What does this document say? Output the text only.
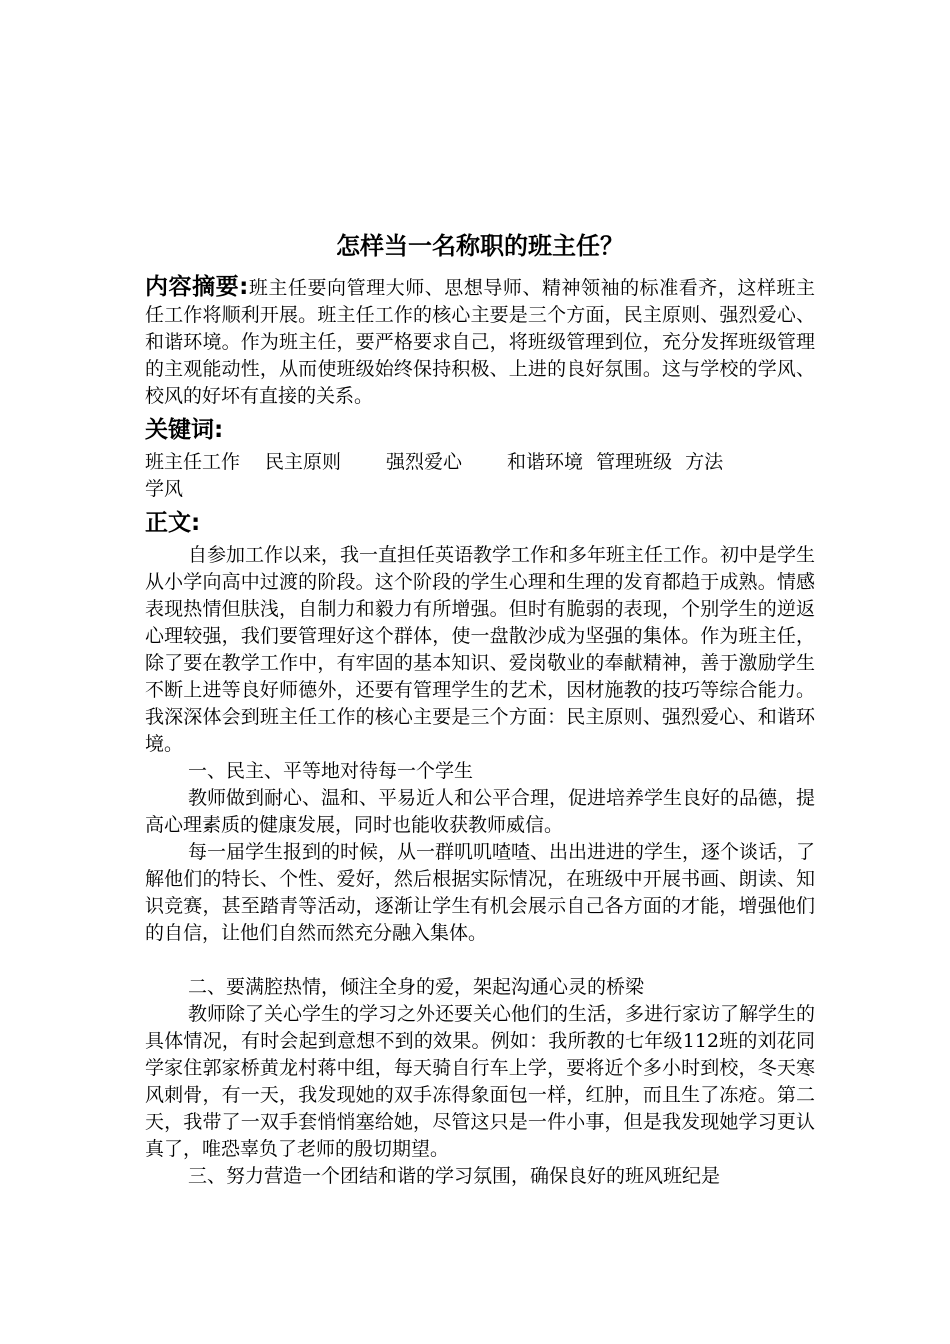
怎样当一名称职的班主任？

内容摘要:班主任要向管理大师、思想导师、精神领袖的标准看齐，这样班主任工作将顺利开展。班主任工作的核心主要是三个方面，民主原则、强烈爱心、和谐环境。作为班主任，要严格要求自己，将班级管理到位，充分发挥班级管理的主观能动性，从而使班级始终保持积极、上进的良好氛围。这与学校的学风、校风的好坏有直接的关系。

关键词:
班主任工作 民主原则 强烈爱心 和谐环境 管理班级 方法
学风
正文:

自参加工作以来，我一直担任英语教学工作和多年班主任工作。初中是学生从小学向高中过渡的阶段。这个阶段的学生心理和生理的发育都趋于成熟。情感表现热情但肤浅，自制力和毅力有所增强。但时有脆弱的表现，个别学生的逆返心理较强，我们要管理好这个群体，使一盘散沙成为坚强的集体。作为班主任，除了要在教学工作中，有牢固的基本知识、爱岗敬业的奉献精神，善于激励学生不断上进等良好师德外，还要有管理学生的艺术，因材施教的技巧等综合能力。我深深体会到班主任工作的核心主要是三个方面：民主原则、强烈爱心、和谐环境。

一、民主、平等地对待每一个学生

教师做到耐心、温和、平易近人和公平合理，促进培养学生良好的品德，提高心理素质的健康发展，同时也能收获教师威信。

每一届学生报到的时候，从一群叽叽喳喳、出出进进的学生，逐个谈话，了解他们的特长、个性、爱好，然后根据实际情况，在班级中开展书画、朗读、知识竞赛，甚至踏青等活动，逐渐让学生有机会展示自己各方面的才能，增强他们的自信，让他们自然而然充分融入集体。

二、要满腔热情，倾注全身的爱，架起沟通心灵的桥梁

教师除了关心学生的学习之外还要关心他们的生活，多进行家访了解学生的具体情况，有时会起到意想不到的效果。例如：我所教的七年级112班的刘花同学家住郭家桥黄龙村蒋中组，每天骑自行车上学，要将近个多小时到校，冬天寒风刺骨，有一天，我发现她的双手冻得象面包一样，红肿，而且生了冻疮。第二天，我带了一双手套悄悄塞给她，尽管这只是一件小事，但是我发现她学习更认真了，唯恐辜负了老师的殷切期望。

三、努力营造一个团结和谐的学习氛围，确保良好的班风班纪是
